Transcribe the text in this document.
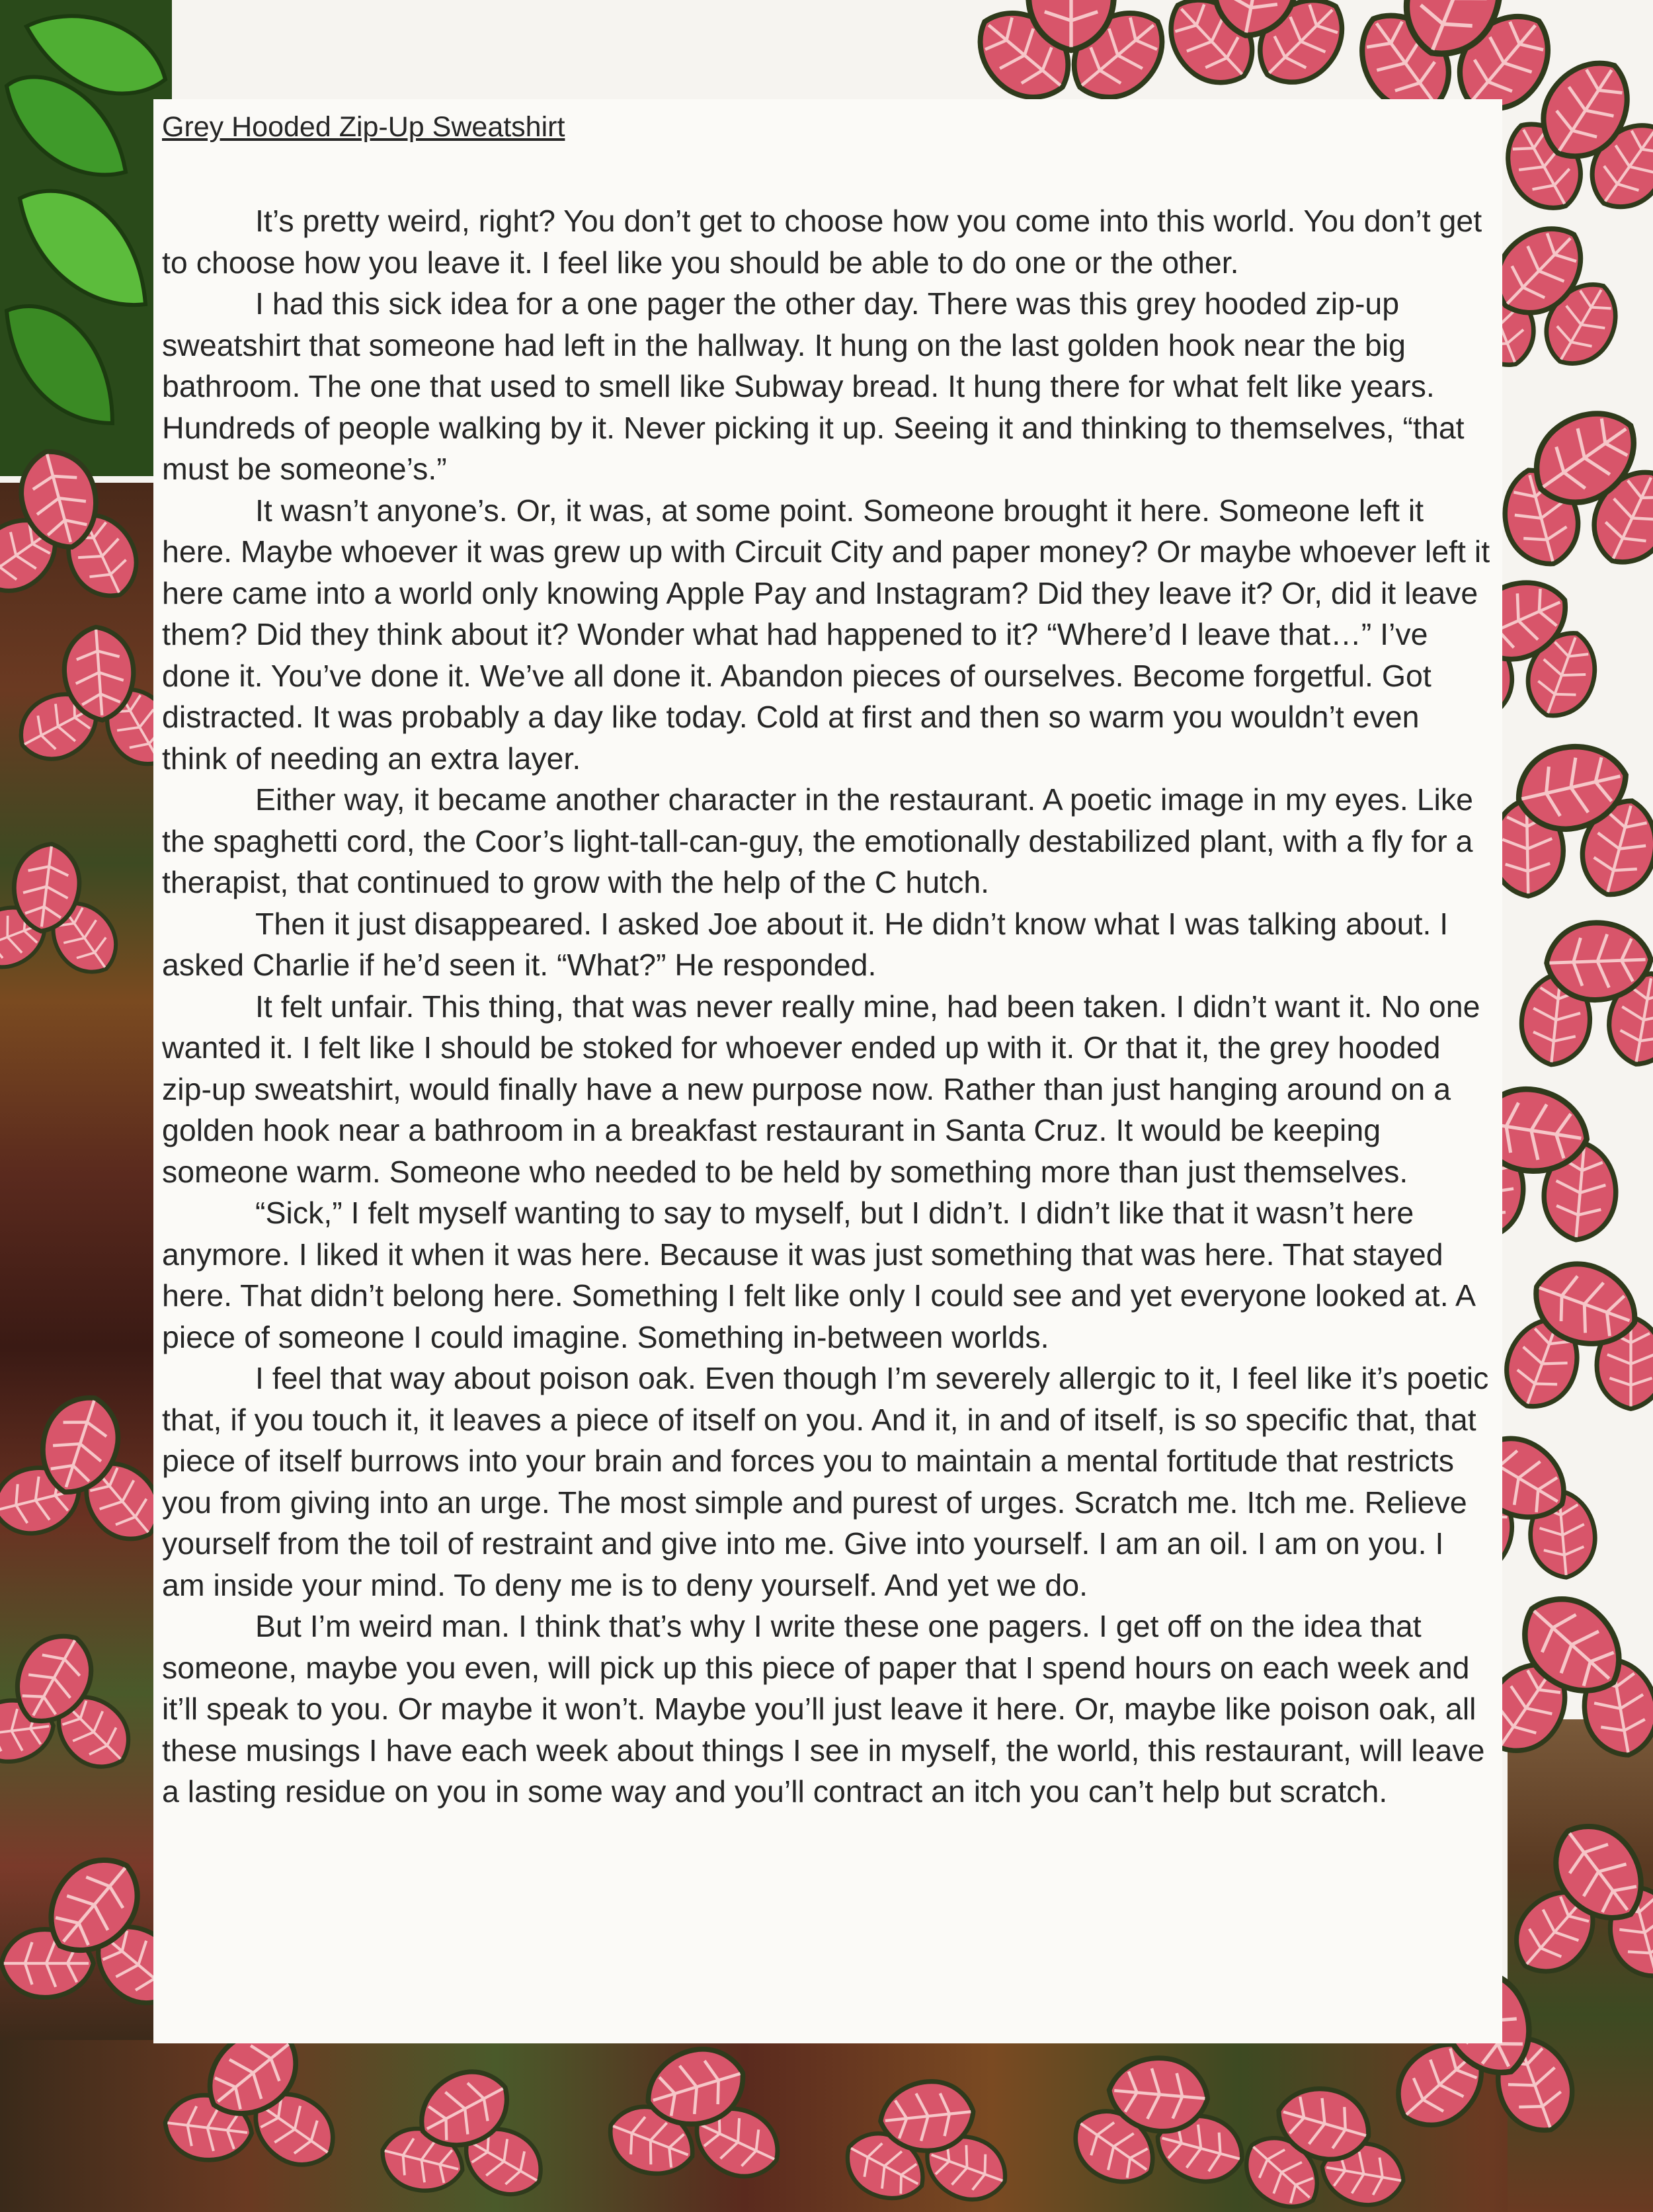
Grey Hooded Zip-Up Sweatshirt

It’s pretty weird, right? You don’t get to choose how you come into this world. You don’t get to choose how you leave it. I feel like you should be able to do one or the other.

I had this sick idea for a one pager the other day. There was this grey hooded zip-up sweatshirt that someone had left in the hallway. It hung on the last golden hook near the big bathroom. The one that used to smell like Subway bread. It hung there for what felt like years. Hundreds of people walking by it. Never picking it up. Seeing it and thinking to themselves, “that must be someone’s.”

It wasn’t anyone’s. Or, it was, at some point. Someone brought it here. Someone left it here. Maybe whoever it was grew up with Circuit City and paper money? Or maybe whoever left it here came into a world only knowing Apple Pay and Instagram? Did they leave it? Or, did it leave them? Did they think about it? Wonder what had happened to it? “Where’d I leave that…” I’ve done it. You’ve done it. We’ve all done it. Abandon pieces of ourselves. Become forgetful. Got distracted. It was probably a day like today. Cold at first and then so warm you wouldn’t even think of needing an extra layer.

Either way, it became another character in the restaurant. A poetic image in my eyes. Like the spaghetti cord, the Coor’s light-tall-can-guy, the emotionally destabilized plant, with a fly for a therapist, that continued to grow with the help of the C hutch.

Then it just disappeared. I asked Joe about it. He didn’t know what I was talking about. I asked Charlie if he’d seen it. “What?” He responded.

It felt unfair. This thing, that was never really mine, had been taken. I didn’t want it. No one wanted it. I felt like I should be stoked for whoever ended up with it. Or that it, the grey hooded zip-up sweatshirt, would finally have a new purpose now. Rather than just hanging around on a golden hook near a bathroom in a breakfast restaurant in Santa Cruz. It would be keeping someone warm. Someone who needed to be held by something more than just themselves.

“Sick,” I felt myself wanting to say to myself, but I didn’t. I didn’t like that it wasn’t here anymore. I liked it when it was here. Because it was just something that was here. That stayed here. That didn’t belong here. Something I felt like only I could see and yet everyone looked at. A piece of someone I could imagine. Something in-between worlds.

I feel that way about poison oak. Even though I’m severely allergic to it, I feel like it’s poetic that, if you touch it, it leaves a piece of itself on you. And it, in and of itself, is so specific that, that piece of itself burrows into your brain and forces you to maintain a mental fortitude that restricts you from giving into an urge. The most simple and purest of urges. Scratch me. Itch me. Relieve yourself from the toil of restraint and give into me. Give into yourself. I am an oil. I am on you. I am inside your mind. To deny me is to deny yourself. And yet we do.

But I’m weird man. I think that’s why I write these one pagers. I get off on the idea that someone, maybe you even, will pick up this piece of paper that I spend hours on each week and it’ll speak to you. Or maybe it won’t. Maybe you’ll just leave it here. Or, maybe like poison oak, all these musings I have each week about things I see in myself, the world, this restaurant, will leave a lasting residue on you in some way and you’ll contract an itch you can’t help but scratch.
